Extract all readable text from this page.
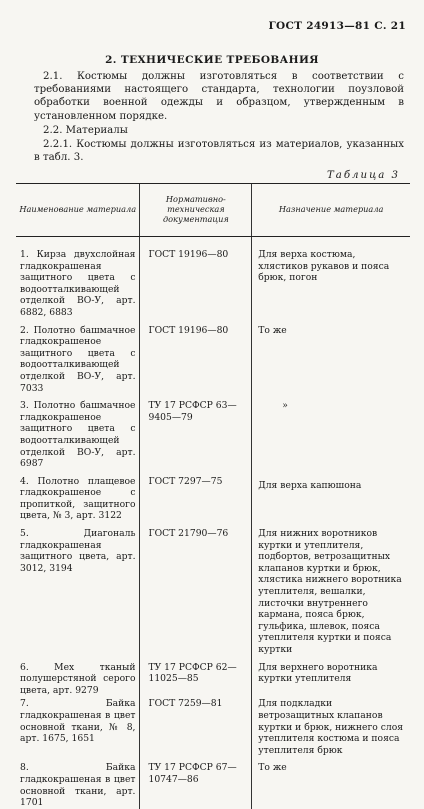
ГОСТ 24913—81 С. 21
2. ТЕХНИЧЕСКИЕ ТРЕБОВАНИЯ
2.1. Костюмы должны изготовляться в соответствии с требованиями настоящего стандарта, технологии поузловой обработки военной одежды и образцом, утвержденным в установленном порядке.
2.2. Материалы
2.2.1. Костюмы должны изготовляться из материалов, указанных в табл. 3.
Таблица 3
Наименование материала	Нормативно-техническая документация	Назначение материала
1. Кирза двухслойная гладкокрашеная защитного цвета с водоотталкивающей отделкой ВО-У, арт. 6882, 6883	ГОСТ 19196—80	Для верха костюма, хлястиков рукавов и пояса брюк, погон
2. Полотно башмачное гладкокрашеное защитного цвета с водоотталкивающей отделкой ВО-У, арт. 7033	ГОСТ 19196—80	То же
3. Полотно башмачное гладкокрашеное защитного цвета с водоотталкивающей отделкой ВО-У, арт. 6987	ТУ 17 РСФСР 63—9405—79	»
4. Полотно плащевое гладкокрашеное с пропиткой, защитного цвета, № 3, арт. 3122	ГОСТ 7297—75	Для верха капюшона
5. Диагональ гладкокрашеная защитного цвета, арт. 3012, 3194	ГОСТ 21790—76	Для нижних воротников куртки и утеплителя, подбортов, ветрозащитных клапанов куртки и брюк, хлястика нижнего воротника утеплителя, вешалки, листочки внутреннего кармана, пояса брюк, гульфика, шлевок, пояса утеплителя куртки и пояса куртки
6. Мех тканый полушерстяной серого цвета, арт. 9279	ТУ 17 РСФСР 62—11025—85	Для верхнего воротника куртки утеплителя
7. Байка гладкокрашеная в цвет основной ткани, № 8, арт. 1675, 1651	ГОСТ 7259—81	Для подкладки ветрозащитных клапанов куртки и брюк, нижнего слоя утеплителя костюма и пояса утеплителя брюк
8. Байка гладкокрашеная в цвет основной ткани, арт. 1701	ТУ 17 РСФСР 67—10747—86	То же
